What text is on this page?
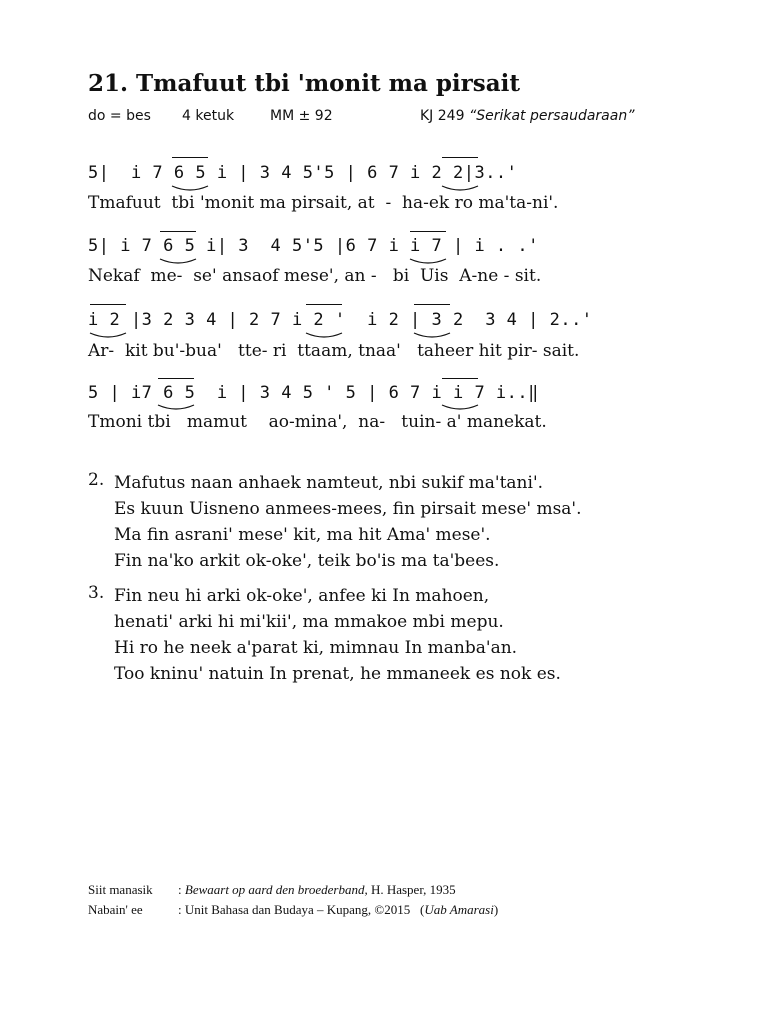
21. Tmafuut tbi 'monit ma pirsait
do = bes 4 ketuk	MM ± 92	KJ 249 “Serikat persaudaraan”
5|  i 7 6 5 i | 3 4 5'5 | 6 7 i 2 2|3..'
Tmafuut  tbi 'monit ma pirsait, at  -  ha-ek ro ma'ta-ni'.
5| i 7 6 5 i| 3  4 5'5 |6 7 i i 7 | i . .'
Nekaf  me-  se' ansaof mese', an -   bi  Uis  A-ne - sit.
i 2 |3 2 3 4 | 2 7 i 2 '  i 2 | 3 2  3 4 | 2..'
Ar-  kit bu'-bua'   tte- ri  ttaam, tnaa'   taheer hit pir- sait.
5 | i7 6 5  i | 3 4 5 ' 5 | 6 7 i i 7 i..‖
Tmoni tbi   mamut    ao-mina',  na-   tuin- a' manekat.
2. Mafutus naan anhaek namteut, nbi sukif ma'tani'.
Es kuun Uisneno anmees-mees, fin pirsait mese' msa'.
Ma fin asrani' mese' kit, ma hit Ama' mese'.
Fin na'ko arkit ok-oke', teik bo'is ma ta'bees.
3. Fin neu hi arki ok-oke', anfee ki In mahoen,
henati' arki hi mi'kii', ma mmakoe mbi mepu.
Hi ro he neek a'parat ki, mimnau In manba'an.
Too kninu' natuin In prenat, he mmaneek es nok es.
Siit manasik : Bewaart op aard den broederband, H. Hasper, 1935
Nabain' ee	: Unit Bahasa dan Budaya – Kupang, ©2015   (Uab Amarasi)
